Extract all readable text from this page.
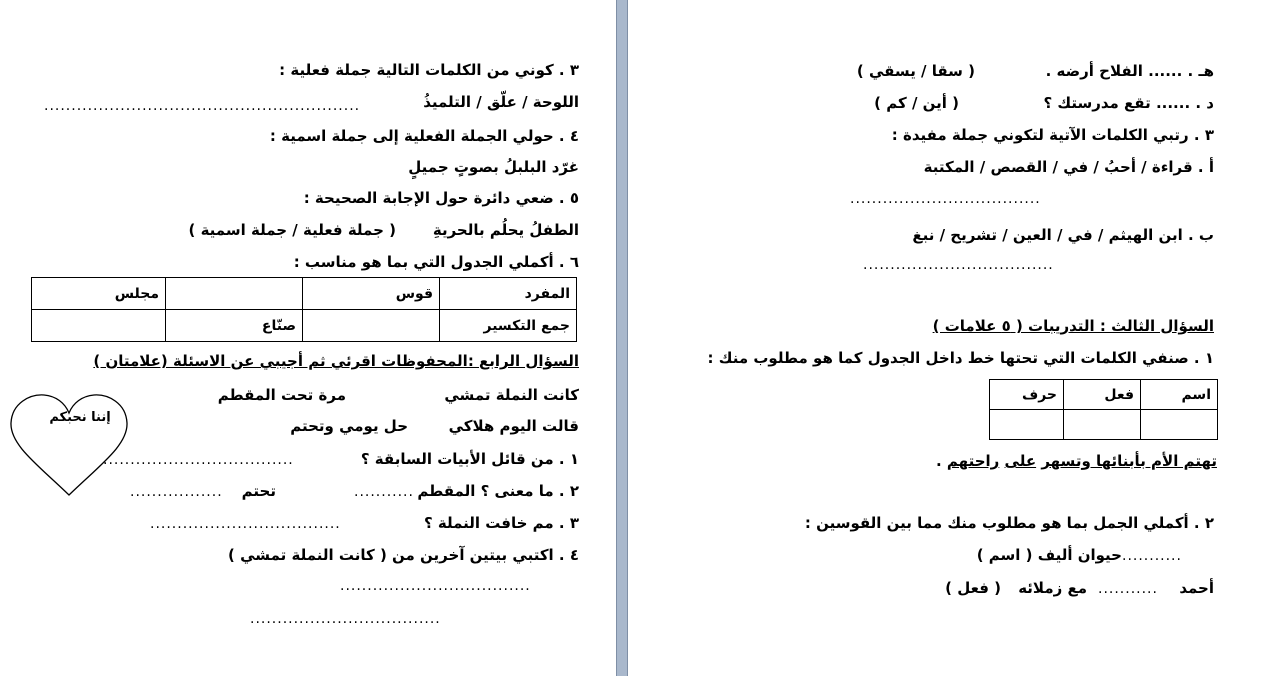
٣ . كوني من الكلمات التالية جملة فعلية :
اللوحة / علّق / التلميذُ
..........................................................
٤ . حولي الجملة الفعلية إلى جملة اسمية :
غرّد البلبلُ بصوتٍ جميلٍ
٥ . ضعي دائرة حول الإجابة الصحيحة :
الطفلُ يحلُم بالحريةِ
( جملة فعلية / جملة اسمية )
٦ . أكملي الجدول التي بما هو مناسب :
المفرد	قوس		مجلس
جمع التكسير		صنّاع	
السؤال الرابع :المحفوظات اقرئي ثم أجيبي عن الاسئلة (علامتان )
كانت النملة تمشي
مرة تحت المقطم
قالت اليوم هلاكي
حل يومي وتحتم
إننا نحبكم
١ . من قائل الأبيات السابقة ؟
...................................
٢ . ما معنى ؟ المقطم
...........
تحتم
.................
٣ . مم خافت النملة ؟
...................................
٤ . اكتبي بيتين آخرين من ( كانت النملة تمشي )
...................................
...................................
هـ . ...... الفلاح أرضه .
( سقا / يسقي )
د . ...... تقع مدرستك ؟
( أين / كم )
٣ . رتبي الكلمات الآتية لتكوني جملة مفيدة :
أ . قراءة / أحبُ / في / القصص / المكتبة
...................................
ب . ابن الهيثم / في / العين / تشريح / نبغ
...................................
السؤال الثالث : التدريبات ( ٥ علامات )
١ . صنفي الكلمات التي تحتها خط داخل الجدول كما هو مطلوب منك :
اسم	فعل	حرف

تهتم الأم بأبنائها وتسهر على راحتهم .
٢ . أكملي الجمل بما هو مطلوب منك مما بين القوسين :
حيوان أليف ( اسم ) ...........
أحمد
...........
مع زملائه
( فعل )
